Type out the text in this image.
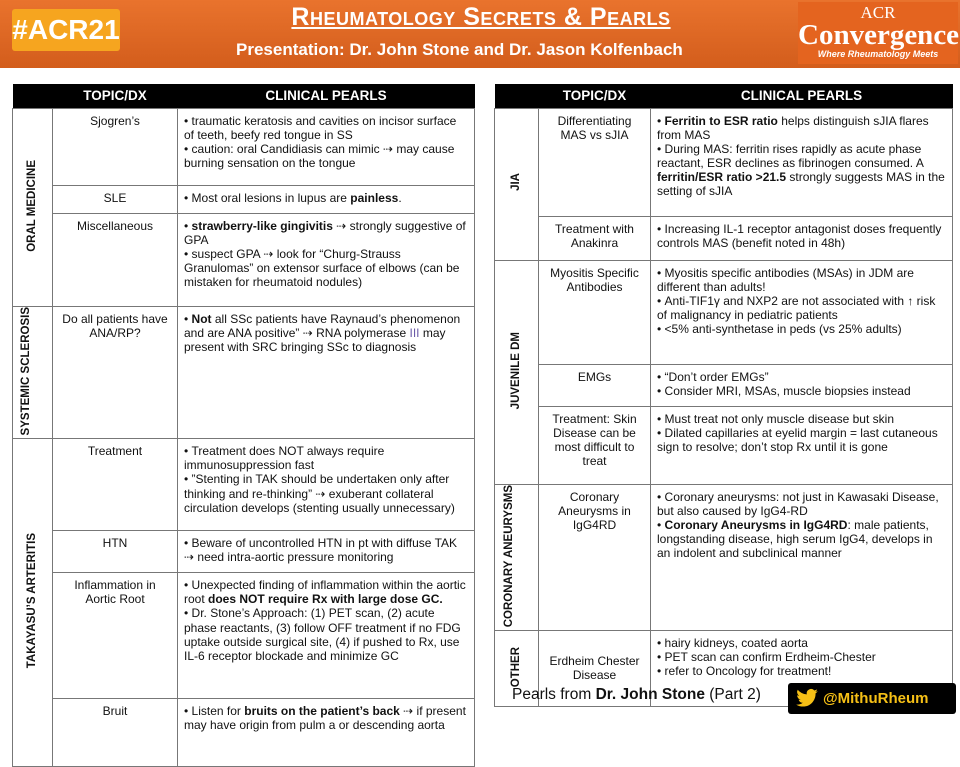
#ACR21	Rheumatology Secrets & Pearls
Presentation: Dr. John Stone and Dr. Jason Kolfenbach
ACR
Convergence
Where Rheumatology Meets
	TOPIC/DX	CLINICAL PEARLS
ORAL MEDICINE	Sjogren’s	• traumatic keratosis and cavities on incisor surface of teeth, beefy red tongue in SS

• caution: oral Candidiasis can mimic ⇢ may cause burning sensation on the tongue

	SLE	• Most oral lesions in lupus are painless.

	Miscellaneous	• strawberry-like gingivitis ⇢ strongly suggestive of GPA

• suspect GPA ⇢ look for “Churg-Strauss Granulomas” on extensor surface of elbows (can be mistaken for rheumatoid nodules)

SYSTEMIC SCLEROSIS	Do all patients have ANA/RP?	• Not all SSc patients have Raynaud’s phenomenon and are ANA positive” ⇢ RNA polymerase III may present with SRC bringing SSc to diagnosis

TAKAYASU’S ARTERITIS	Treatment	• Treatment does NOT always require immunosuppression fast

• ”Stenting in TAK should be undertaken only after thinking and re-thinking” ⇢ exuberant collateral circulation develops (stenting usually unnecessary)

	HTN	• Beware of uncontrolled HTN in pt with diffuse TAK ⇢ need intra-aortic pressure monitoring

	Inflammation in Aortic Root	• Unexpected finding of inflammation within the aortic root does NOT require Rx with large dose GC.

• Dr. Stone’s Approach: (1) PET scan, (2) acute phase reactants, (3) follow OFF treatment if no FDG uptake outside surgical site, (4) if pushed to Rx, use IL-6 receptor blockade and minimize GC

	Bruit	• Listen for bruits on the patient’s back ⇢ if present may have origin from pulm a or descending aorta

	TOPIC/DX	CLINICAL PEARLS
JIA	Differentiating MAS vs sJIA	• Ferritin to ESR ratio helps distinguish sJIA flares from MAS

• During MAS: ferritin rises rapidly as acute phase reactant, ESR declines as fibrinogen consumed. A ferritin/ESR ratio >21.5 strongly suggests MAS in the setting of sJIA

	Treatment with Anakinra	• Increasing IL-1 receptor antagonist doses frequently controls MAS (benefit noted in 48h)

JUVENILE DM	Myositis Specific Antibodies	• Myositis specific antibodies (MSAs) in JDM are different than adults!

• Anti-TIF1γ and NXP2 are not associated with ↑ risk of malignancy in pediatric patients

• <5% anti-synthetase in peds (vs 25% adults)

	EMGs	• “Don’t order EMGs”

• Consider MRI, MSAs, muscle biopsies instead

	Treatment: Skin Disease can be most difficult to treat	• Must treat not only muscle disease but skin

• Dilated capillaries at eyelid margin = last cutaneous sign to resolve; don’t stop Rx until it is gone

CORONARY ANEURYSMS	Coronary Aneurysms in IgG4RD	• Coronary aneurysms: not just in Kawasaki Disease, but also caused by IgG4-RD

• Coronary Aneurysms in IgG4RD: male patients, longstanding disease, high serum IgG4, develops in an indolent and subclinical manner

OTHER	Erdheim Chester Disease	• hairy kidneys, coated aorta

• PET scan can confirm Erdheim-Chester

• refer to Oncology for treatment!

Pearls from Dr. John Stone (Part 2)	@MithuRheum
